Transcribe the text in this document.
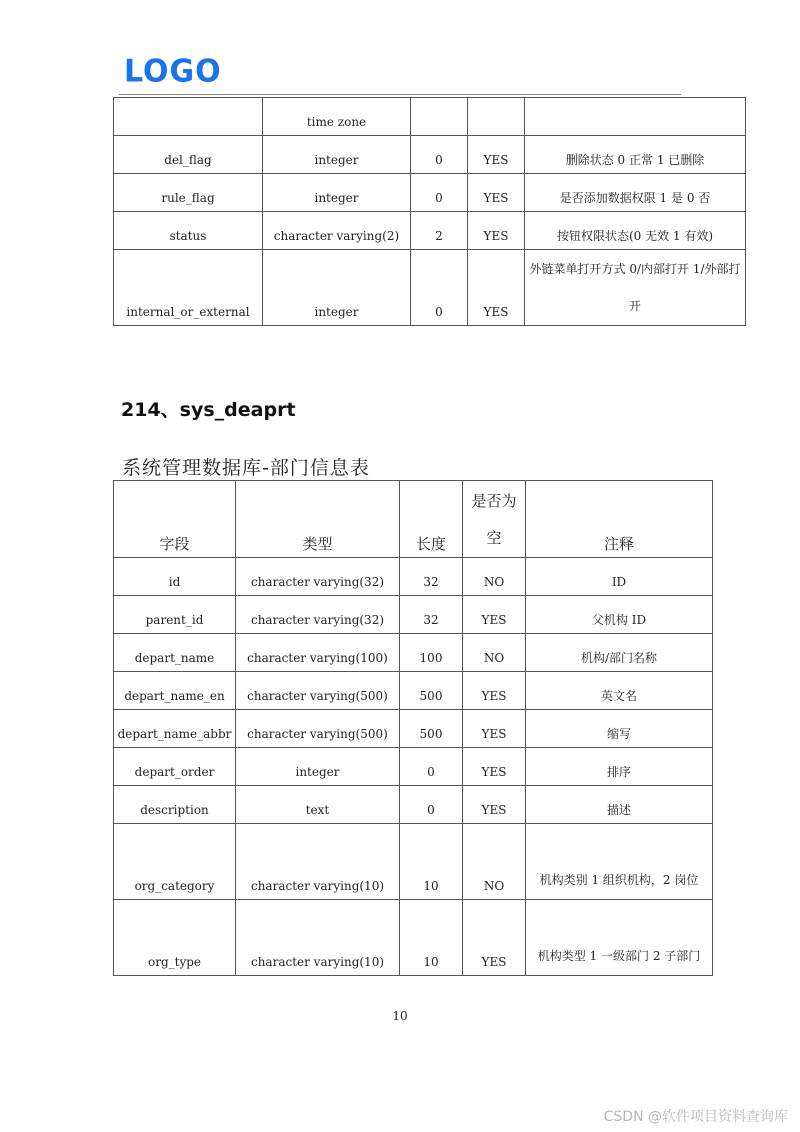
LOGO
	time zone			
del_flag	integer	0	YES	删除状态 0 正常 1 已删除
rule_flag	integer	0	YES	是否添加数据权限 1 是 0 否
status	character varying(2)	2	YES	按钮权限状态(0 无效 1 有效)
internal_or_external	integer	0	YES	外链菜单打开方式 0/内部打开 1/外部打开
214、sys_deaprt
系统管理数据库-部门信息表
字段	类型	长度	是否为空	注释
id	character varying(32)	32	NO	ID
parent_id	character varying(32)	32	YES	父机构 ID
depart_name	character varying(100)	100	NO	机构/部门名称
depart_name_en	character varying(500)	500	YES	英文名
depart_name_abbr	character varying(500)	500	YES	缩写
depart_order	integer	0	YES	排序
description	text	0	YES	描述
org_category	character varying(10)	10	NO	机构类别 1 组织机构，2 岗位
org_type	character varying(10)	10	YES	机构类型 1 一级部门 2 子部门
10
CSDN @软件项目资料查询库
